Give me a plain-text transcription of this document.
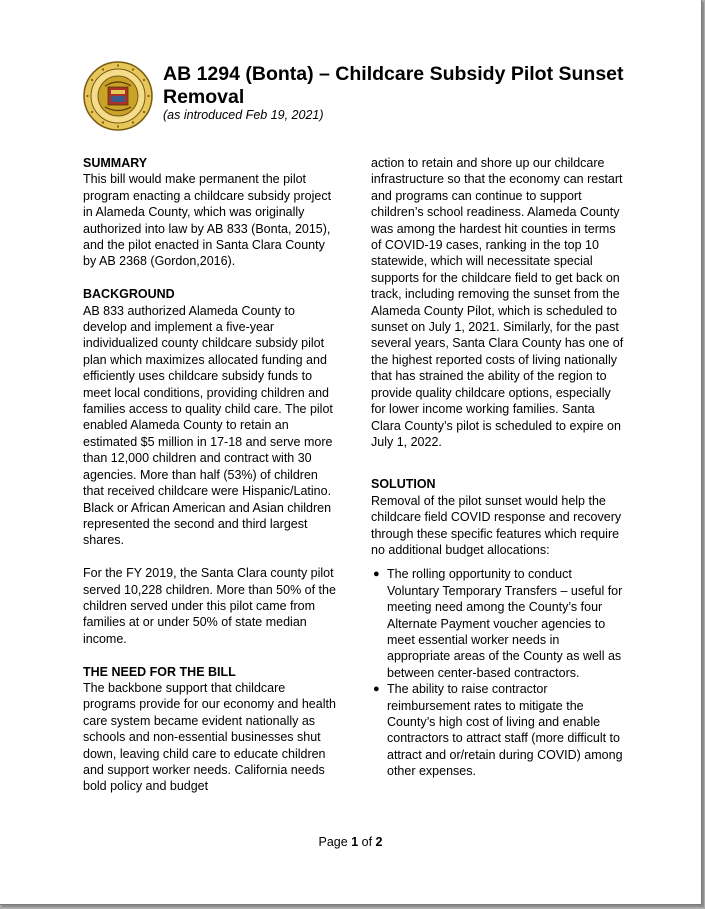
AB 1294 (Bonta) – Childcare Subsidy Pilot Sunset Removal

(as introduced Feb 19, 2021)

SUMMARY

This bill would make permanent the pilot program enacting a childcare subsidy project in Alameda County, which was originally authorized into law by AB 833 (Bonta, 2015), and the pilot enacted in Santa Clara County by AB 2368 (Gordon,2016).

BACKGROUND

AB 833 authorized Alameda County to develop and implement a five-year individualized county childcare subsidy pilot plan which maximizes allocated funding and efficiently uses childcare subsidy funds to meet local conditions, providing children and families access to quality child care. The pilot enabled Alameda County to retain an estimated $5 million in 17-18 and serve more than 12,000 children and contract with 30 agencies. More than half (53%) of children that received childcare were Hispanic/Latino. Black or African American and Asian children represented the second and third largest shares.

For the FY 2019, the Santa Clara county pilot served 10,228 children. More than 50% of the children served under this pilot came from families at or under 50% of state median income.

THE NEED FOR THE BILL

The backbone support that childcare programs provide for our economy and health care system became evident nationally as schools and non-essential businesses shut down, leaving child care to educate children and support worker needs. California needs bold policy and budget

action to retain and shore up our childcare infrastructure so that the economy can restart and programs can continue to support children’s school readiness. Alameda County was among the hardest hit counties in terms of COVID-19 cases, ranking in the top 10 statewide, which will necessitate special supports for the childcare field to get back on track, including removing the sunset from the Alameda County Pilot, which is scheduled to sunset on July 1, 2021. Similarly, for the past several years, Santa Clara County has one of the highest reported costs of living nationally that has strained the ability of the region to provide quality childcare options, especially for lower income working families. Santa Clara County’s pilot is scheduled to expire on July 1, 2022.

SOLUTION

Removal of the pilot sunset would help the childcare field COVID response and recovery through these specific features which require no additional budget allocations:

● The rolling opportunity to conduct Voluntary Temporary Transfers – useful for meeting need among the County’s four Alternate Payment voucher agencies to meet essential worker needs in appropriate areas of the County as well as between center-based contractors.
● The ability to raise contractor reimbursement rates to mitigate the County’s high cost of living and enable contractors to attract staff (more difficult to attract and or/retain during COVID) among other expenses.
Page 1 of 2
